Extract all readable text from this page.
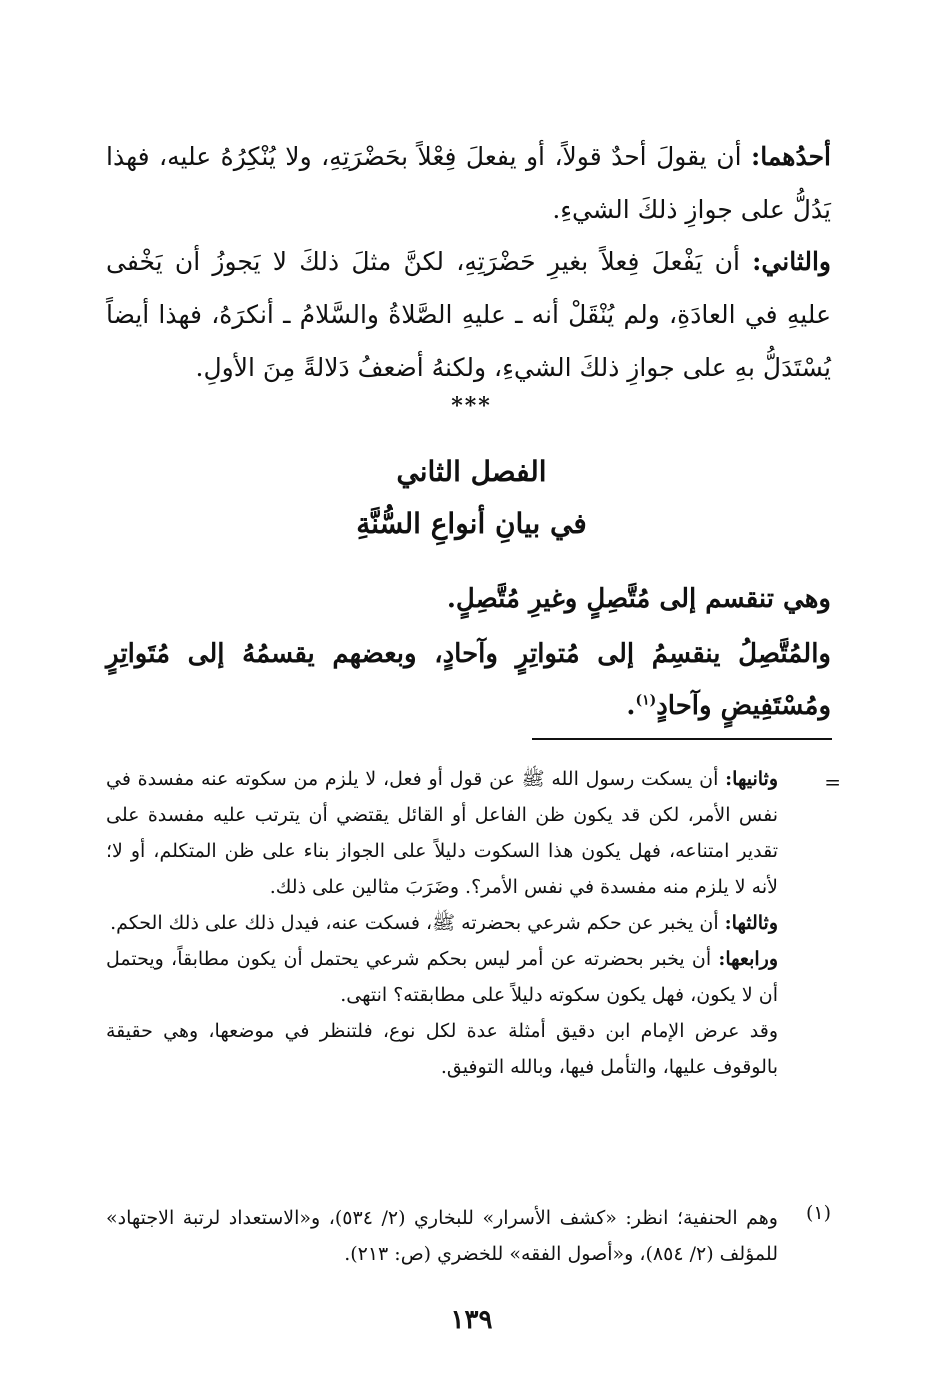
أحدُهما: أن يقولَ أحدٌ قولاً، أو يفعلَ فِعْلاً بحَضْرَتِهِ، ولا يُنْكِرُهُ عليه، فهذا يَدُلُّ على جوازِ ذلكَ الشيءِ.

والثاني: أن يَفْعلَ فِعلاً بغيرِ حَضْرَتِهِ، لكنَّ مثلَ ذلكَ لا يَجوزُ أن يَخْفى عليهِ في العادَةِ، ولم يُنْقَلْ أنه ـ عليهِ الصَّلاةُ والسَّلامُ ـ أنكرَهُ، فهذا أيضاً يُسْتَدَلُّ بهِ على جوازِ ذلكَ الشيءِ، ولكنهُ أضعفُ دَلالةً مِنَ الأولِ.

***
الفصل الثاني
في بيانِ أنواعِ السُّنَّةِ

وهي تنقسم إلى مُتَّصِلٍ وغيرِ مُتَّصِلٍ.

والمُتَّصِلُ ينقسِمُ إلى مُتواتِرٍ وآحادٍ، وبعضهم يقسمُهُ إلى مُتَواتِرٍ ومُسْتَفِيضٍ وآحادٍ$^{(١)}$.

=

وثانيها: أن يسكت رسول الله ﷺ عن قول أو فعل، لا يلزم من سكوته عنه مفسدة في نفس الأمر، لكن قد يكون ظن الفاعل أو القائل يقتضي أن يترتب عليه مفسدة على تقدير امتناعه، فهل يكون هذا السكوت دليلاً على الجواز بناء على ظن المتكلم، أو لا؛ لأنه لا يلزم منه مفسدة في نفس الأمر؟. وضَرَبَ مثالين على ذلك.

وثالثها: أن يخبر عن حكم شرعي بحضرته ﷺ، فسكت عنه، فيدل ذلك على ذلك الحكم.

ورابعها: أن يخبر بحضرته عن أمر ليس بحكم شرعي يحتمل أن يكون مطابقاً، ويحتمل أن لا يكون، فهل يكون سكوته دليلاً على مطابقته؟ انتهى.

وقد عرض الإمام ابن دقيق أمثلة عدة لكل نوع، فلتنظر في موضعها، وهي حقيقة بالوقوف عليها، والتأمل فيها، وبالله التوفيق.

(١)

وهم الحنفية؛ انظر: «كشف الأسرار» للبخاري (٢/ ٥٣٤)، و«الاستعداد لرتبة الاجتهاد» للمؤلف (٢/ ٨٥٤)، و«أصول الفقه» للخضري (ص: ٢١٣).

١٣٩
